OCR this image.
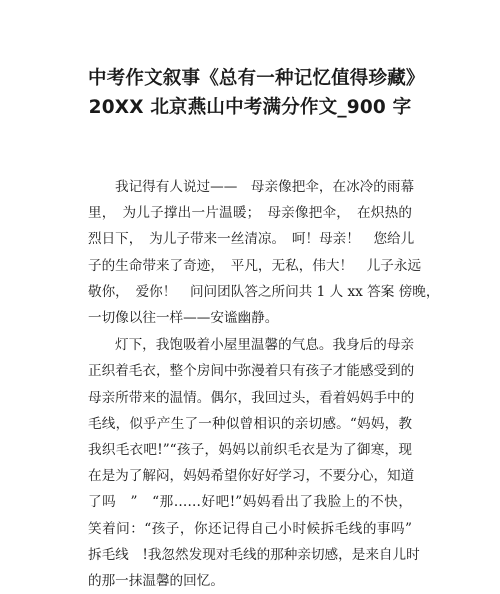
中考作文叙事《总有一种记忆值得珍藏》
20XX 北京燕山中考满分作文_900 字

我记得有人说过——　母亲像把伞，在冰冷的雨幕
里，　为儿子撑出一片温暖；　母亲像把伞，　在炽热的
烈日下，　为儿子带来一丝清凉。　呵！母亲！　您给儿
子的生命带来了奇迹，　平凡，无私，伟大！　儿子永远
敬你，　爱你！　问问团队答之所问共 1 人 xx 答案 傍晚，
一切像以往一样——安谧幽静。

灯下，我饱吸着小屋里温馨的气息。我身后的母亲
正织着毛衣，整个房间中弥漫着只有孩子才能感受到的
母亲所带来的温情。偶尔，我回过头，看着妈妈手中的
毛线，似乎产生了一种似曾相识的亲切感。“妈妈，教
我织毛衣吧!”“孩子，妈妈以前织毛衣是为了御寒，现
在是为了解闷，妈妈希望你好好学习，不要分心，知道
了吗　”　“那……好吧!”妈妈看出了我脸上的不快，
笑着问：“孩子，你还记得自己小时候拆毛线的事吗”
拆毛线　!我忽然发现对毛线的那种亲切感，是来自儿时
的那一抹温馨的回忆。
